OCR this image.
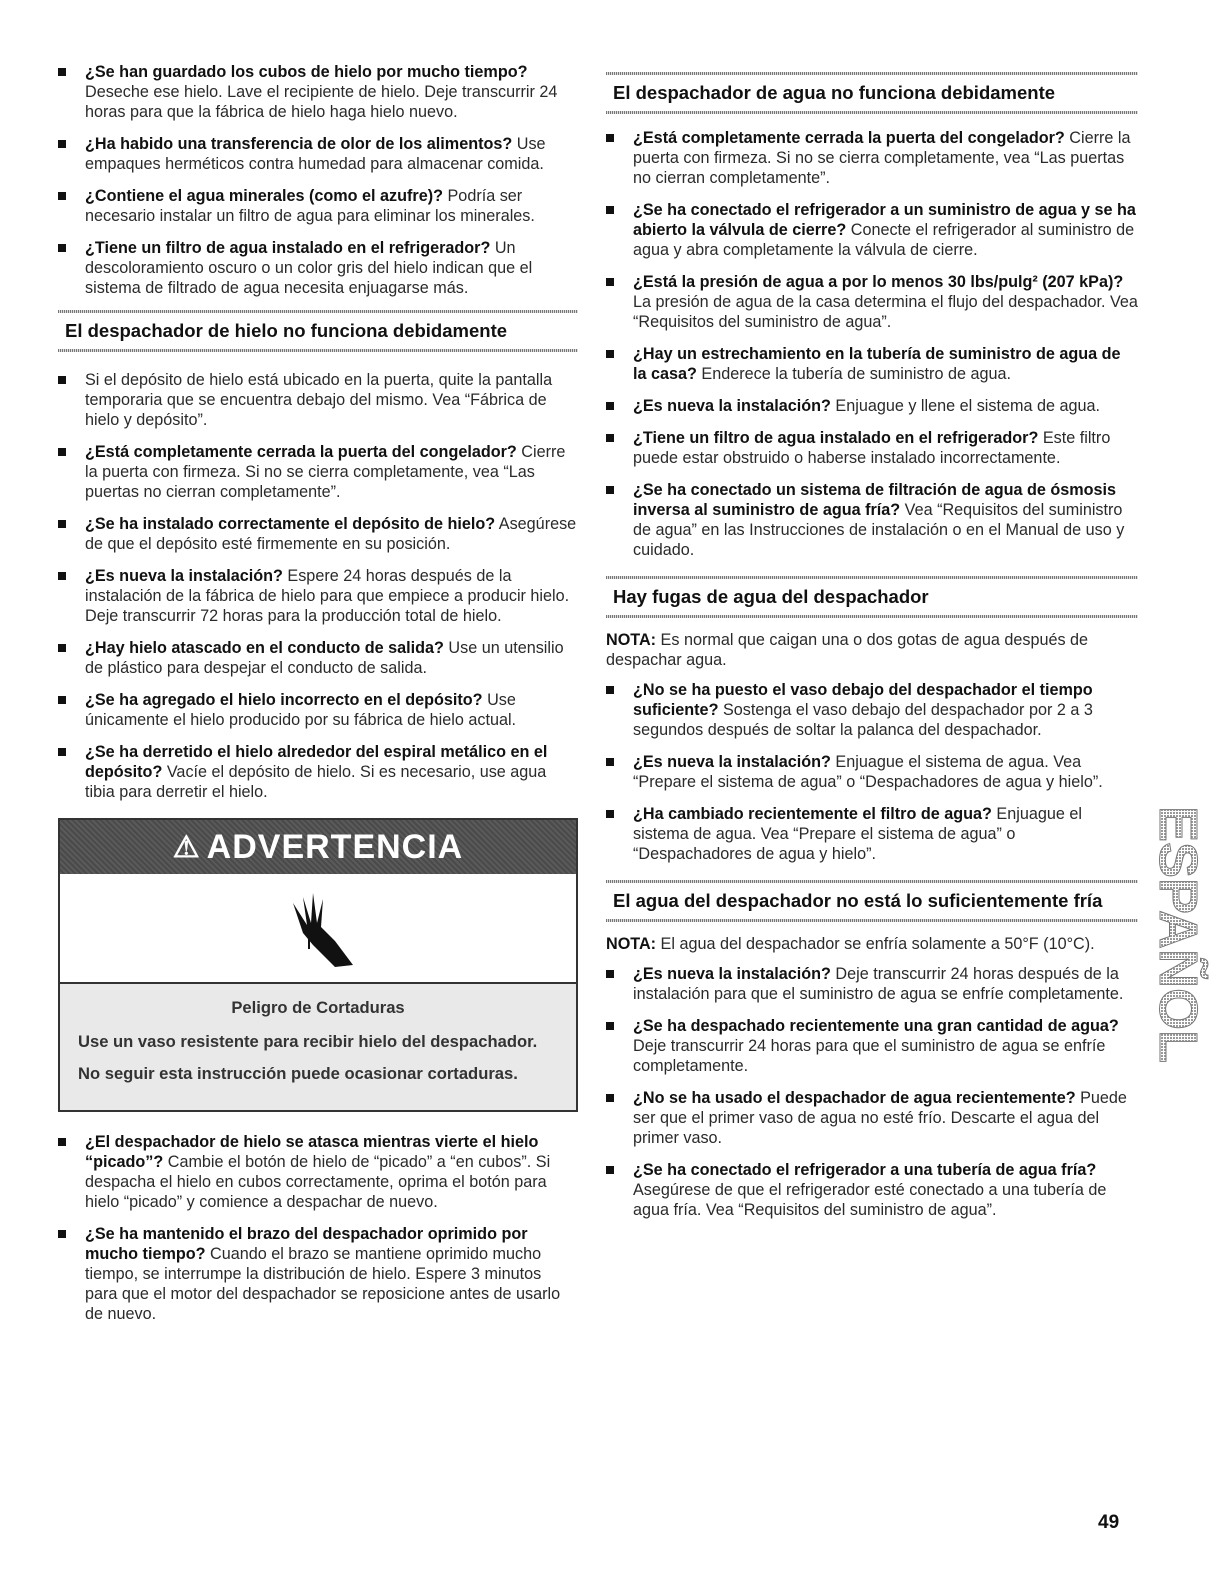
¿Se han guardado los cubos de hielo por mucho tiempo? Deseche ese hielo. Lave el recipiente de hielo. Deje transcurrir 24 horas para que la fábrica de hielo haga hielo nuevo.
¿Ha habido una transferencia de olor de los alimentos? Use empaques herméticos contra humedad para almacenar comida.
¿Contiene el agua minerales (como el azufre)? Podría ser necesario instalar un filtro de agua para eliminar los minerales.
¿Tiene un filtro de agua instalado en el refrigerador? Un descoloramiento oscuro o un color gris del hielo indican que el sistema de filtrado de agua necesita enjuagarse más.
El despachador de hielo no funciona debidamente
Si el depósito de hielo está ubicado en la puerta, quite la pantalla temporaria que se encuentra debajo del mismo. Vea “Fábrica de hielo y depósito”.
¿Está completamente cerrada la puerta del congelador? Cierre la puerta con firmeza. Si no se cierra completamente, vea “Las puertas no cierran completamente”.
¿Se ha instalado correctamente el depósito de hielo? Asegúrese de que el depósito esté firmemente en su posición.
¿Es nueva la instalación? Espere 24 horas después de la instalación de la fábrica de hielo para que empiece a producir hielo. Deje transcurrir 72 horas para la producción total de hielo.
¿Hay hielo atascado en el conducto de salida? Use un utensilio de plástico para despejar el conducto de salida.
¿Se ha agregado el hielo incorrecto en el depósito? Use únicamente el hielo producido por su fábrica de hielo actual.
¿Se ha derretido el hielo alrededor del espiral metálico en el depósito? Vacíe el depósito de hielo. Si es necesario, use agua tibia para derretir el hielo.
⚠ ADVERTENCIA
Peligro de Cortaduras

Use un vaso resistente para recibir hielo del despachador.

No seguir esta instrucción puede ocasionar cortaduras.

¿El despachador de hielo se atasca mientras vierte el hielo “picado”? Cambie el botón de hielo de “picado” a “en cubos”. Si despacha el hielo en cubos correctamente, oprima el botón para hielo “picado” y comience a despachar de nuevo.
¿Se ha mantenido el brazo del despachador oprimido por mucho tiempo? Cuando el brazo se mantiene oprimido mucho tiempo, se interrumpe la distribución de hielo. Espere 3 minutos para que el motor del despachador se reposicione antes de usarlo de nuevo.
El despachador de agua no funciona debidamente
¿Está completamente cerrada la puerta del congelador? Cierre la puerta con firmeza. Si no se cierra completamente, vea “Las puertas no cierran completamente”.
¿Se ha conectado el refrigerador a un suministro de agua y se ha abierto la válvula de cierre? Conecte el refrigerador al suministro de agua y abra completamente la válvula de cierre.
¿Está la presión de agua a por lo menos 30 lbs/pulg² (207 kPa)? La presión de agua de la casa determina el flujo del despachador. Vea “Requisitos del suministro de agua”.
¿Hay un estrechamiento en la tubería de suministro de agua de la casa? Enderece la tubería de suministro de agua.
¿Es nueva la instalación? Enjuague y llene el sistema de agua.
¿Tiene un filtro de agua instalado en el refrigerador? Este filtro puede estar obstruido o haberse instalado incorrectamente.
¿Se ha conectado un sistema de filtración de agua de ósmosis inversa al suministro de agua fría? Vea “Requisitos del suministro de agua” en las Instrucciones de instalación o en el Manual de uso y cuidado.
Hay fugas de agua del despachador
NOTA: Es normal que caigan una o dos gotas de agua después de despachar agua.
¿No se ha puesto el vaso debajo del despachador el tiempo suficiente? Sostenga el vaso debajo del despachador por 2 a 3 segundos después de soltar la palanca del despachador.
¿Es nueva la instalación? Enjuague el sistema de agua. Vea “Prepare el sistema de agua” o “Despachadores de agua y hielo”.
¿Ha cambiado recientemente el filtro de agua? Enjuague el sistema de agua. Vea “Prepare el sistema de agua” o “Despachadores de agua y hielo”.
El agua del despachador no está lo suficientemente fría
NOTA: El agua del despachador se enfría solamente a 50°F (10°C).
¿Es nueva la instalación? Deje transcurrir 24 horas después de la instalación para que el suministro de agua se enfríe completamente.
¿Se ha despachado recientemente una gran cantidad de agua? Deje transcurrir 24 horas para que el suministro de agua se enfríe completamente.
¿No se ha usado el despachador de agua recientemente? Puede ser que el primer vaso de agua no esté frío. Descarte el agua del primer vaso.
¿Se ha conectado el refrigerador a una tubería de agua fría? Asegúrese de que el refrigerador esté conectado a una tubería de agua fría. Vea “Requisitos del suministro de agua”.
ESPAÑOL
49
